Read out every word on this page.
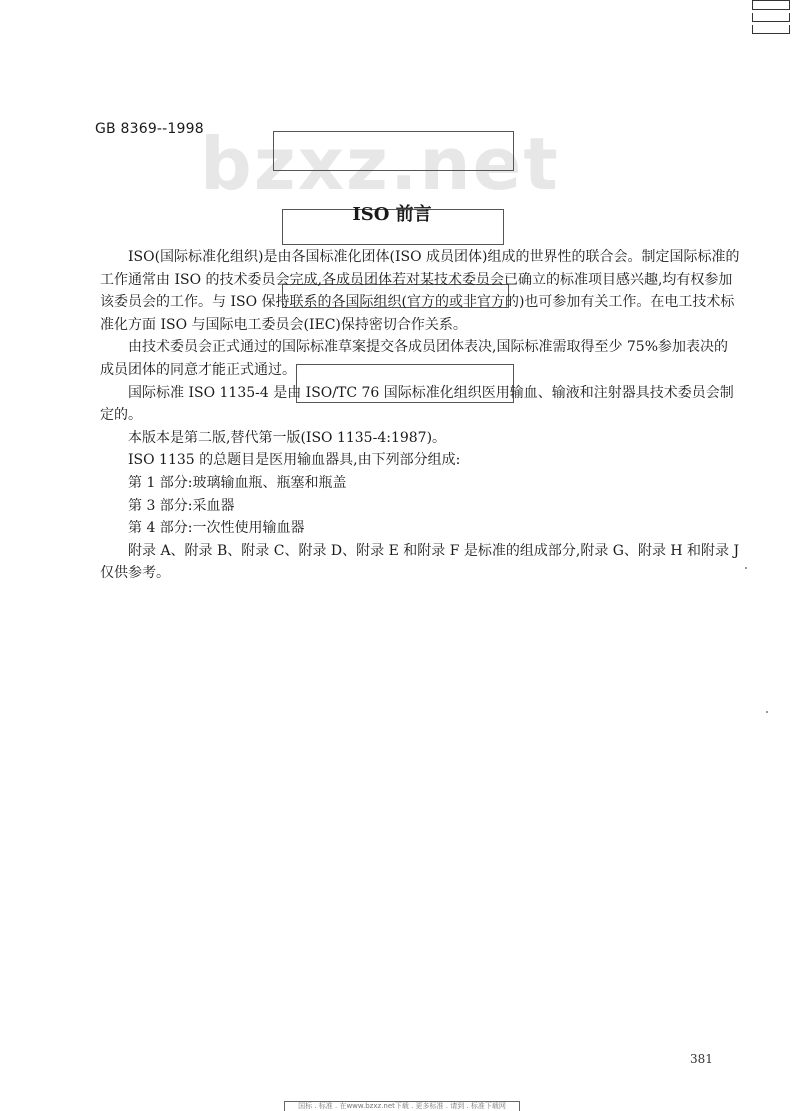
GB 8369--1998
bzxz.net
ISO 前言

ISO(国际标准化组织)是由各国标准化团体(ISO 成员团体)组成的世界性的联合会。制定国际标准的工作通常由 ISO 的技术委员会完成,各成员团体若对某技术委员会已确立的标准项目感兴趣,均有权参加该委员会的工作。与 ISO 保持联系的各国际组织(官方的或非官方的)也可参加有关工作。在电工技术标准化方面 ISO 与国际电工委员会(IEC)保持密切合作关系。

由技术委员会正式通过的国际标准草案提交各成员团体表决,国际标准需取得至少 75%参加表决的成员团体的同意才能正式通过。

国际标准 ISO 1135-4 是由 ISO/TC 76 国际标准化组织医用输血、输液和注射器具技术委员会制定的。

本版本是第二版,替代第一版(ISO 1135-4:1987)。

ISO 1135 的总题目是医用输血器具,由下列部分组成:

第 1 部分:玻璃输血瓶、瓶塞和瓶盖

第 3 部分:采血器

第 4 部分:一次性使用输血器

附录 A、附录 B、附录 C、附录 D、附录 E 和附录 F 是标准的组成部分,附录 G、附录 H 和附录 J 仅供参考。

381
国标 . 标准 . 在www.bzxz.net下载 . 更多标准 . 请到 . 标准下载网
